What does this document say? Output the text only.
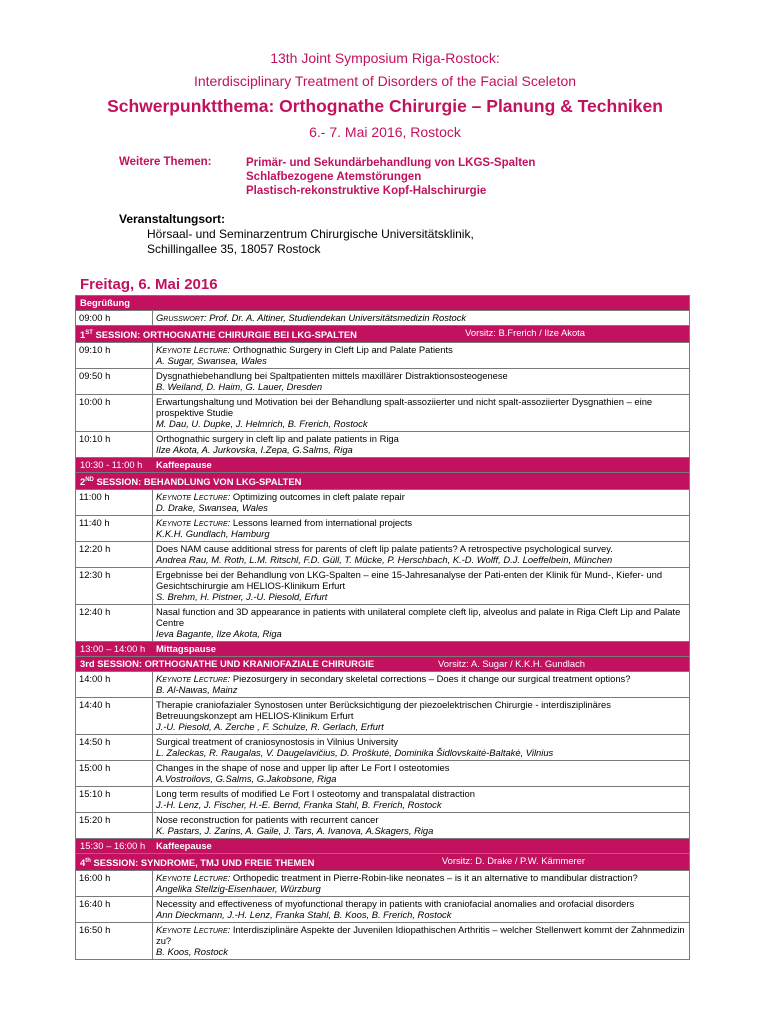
13th Joint Symposium Riga-Rostock:
Interdisciplinary Treatment of Disorders of the Facial Sceleton
Schwerpunktthema: Orthognathe Chirurgie – Planung & Techniken
6.- 7. Mai 2016, Rostock
Weitere Themen:	Primär- und Sekundärbehandlung von LKGS-Spalten
Schlafbezogene Atemstörungen
Plastisch-rekonstruktive Kopf-Halschirurgie
Veranstaltungsort:
Hörsaal- und Seminarzentrum Chirurgische Universitätsklinik,
Schillingallee 35, 18057 Rostock
Freitag, 6. Mai 2016
Begrüßung	
09:00 h	Grusswort: Prof. Dr. A. Altiner, Studiendekan Universitätsmedizin Rostock
1ST SESSION: ORTHOGNATHE CHIRURGIE BEI LKG-SPALTEN Vorsitz: B.Frerich / Ilze Akota	

09:10 h	Keynote Lecture: Orthognathic Surgery in Cleft Lip and Palate Patients
A. Sugar, Swansea, Wales

09:50 h	Dysgnathiebehandlung bei Spaltpatienten mittels maxillärer Distraktionsosteogenese
B. Weiland, D. Haim, G. Lauer, Dresden

10:00 h	Erwartungshaltung und Motivation bei der Behandlung spalt-assoziierter und nicht spalt-assoziierter Dysgnathien – eine prospektive Studie
M. Dau, U. Dupke, J. Helmrich, B. Frerich, Rostock

10:10 h	Orthognathic surgery in cleft lip and palate patients in Riga
Ilze Akota, A. Jurkovska, I.Zepa, G.Salms, Riga

10:30 - 11:00 h Kaffeepause	
2ND SESSION: BEHANDLUNG VON LKG-SPALTEN	

11:00 h	Keynote Lecture: Optimizing outcomes in cleft palate repair
D. Drake, Swansea, Wales

11:40 h	Keynote Lecture: Lessons learned from international projects
K.K.H. Gundlach, Hamburg

12:20 h	Does NAM cause additional stress for parents of cleft lip palate patients? A retrospective psychological survey.
Andrea Rau, M. Roth, L.M. Ritschl, F.D. Güll, T. Mücke, P. Herschbach, K.-D. Wolff, D.J. Loeffelbein, München

12:30 h	Ergebnisse bei der Behandlung von LKG-Spalten – eine 15-Jahresanalyse der Pati-enten der Klinik für Mund-, Kiefer- und Gesichtschirurgie am HELIOS-Klinikum Erfurt
S. Brehm, H. Pistner, J.-U. Piesold, Erfurt

12:40 h	Nasal function and 3D appearance in patients with unilateral complete cleft lip, alveolus and palate in Riga Cleft Lip and Palate Centre
Ieva Bagante, Ilze Akota, Riga

13:00 – 14:00 h Mittagspause	
3rd SESSION: ORTHOGNATHE UND KRANIOFAZIALE CHIRURGIE Vorsitz: A. Sugar / K.K.H. Gundlach	

14:00 h	Keynote Lecture: Piezosurgery in secondary skeletal corrections – Does it change our surgical treatment options?
B. Al-Nawas, Mainz

14:40 h	Therapie craniofazialer Synostosen unter Berücksichtigung der piezoelektrischen Chirurgie - interdisziplinäres Betreuungskonzept am HELIOS-Klinikum Erfurt
J.-U. Piesold, A. Zerche , F. Schulze, R. Gerlach, Erfurt

14:50 h	Surgical treatment of craniosynostosis in Vilnius University
L. Zaleckas, R. Raugalas, V. Daugelavičius, D. Proškutė, Dominika Šidlovskaitė-Baltakė, Vilnius

15:00 h	Changes in the shape of nose and upper lip after Le Fort I osteotomies
A.Vostroilovs, G.Salms, G.Jakobsone, Riga

15:10 h	Long term results of modified Le Fort I osteotomy and transpalatal distraction
J.-H. Lenz, J. Fischer, H.-E. Bernd, Franka Stahl, B. Frerich, Rostock

15:20 h	Nose reconstruction for patients with recurrent cancer
K. Pastars, J. Zarins, A. Gaile, J. Tars, A. Ivanova, A.Skagers, Riga

15:30 – 16:00 h Kaffeepause	
4th SESSION: SYNDROME, TMJ UND FREIE THEMEN Vorsitz: D. Drake / P.W. Kämmerer	

16:00 h	Keynote Lecture: Orthopedic treatment in Pierre-Robin-like neonates – is it an alternative to mandibular distraction?
Angelika Stellzig-Eisenhauer, Würzburg

16:40 h	Necessity and effectiveness of myofunctional therapy in patients with craniofacial anomalies and orofacial disorders
Ann Dieckmann, J.-H. Lenz, Franka Stahl, B. Koos, B. Frerich, Rostock

16:50 h	Keynote Lecture: Interdisziplinäre Aspekte der Juvenilen Idiopathischen Arthritis – welcher Stellenwert kommt der Zahnmedizin zu?
B. Koos, Rostock
